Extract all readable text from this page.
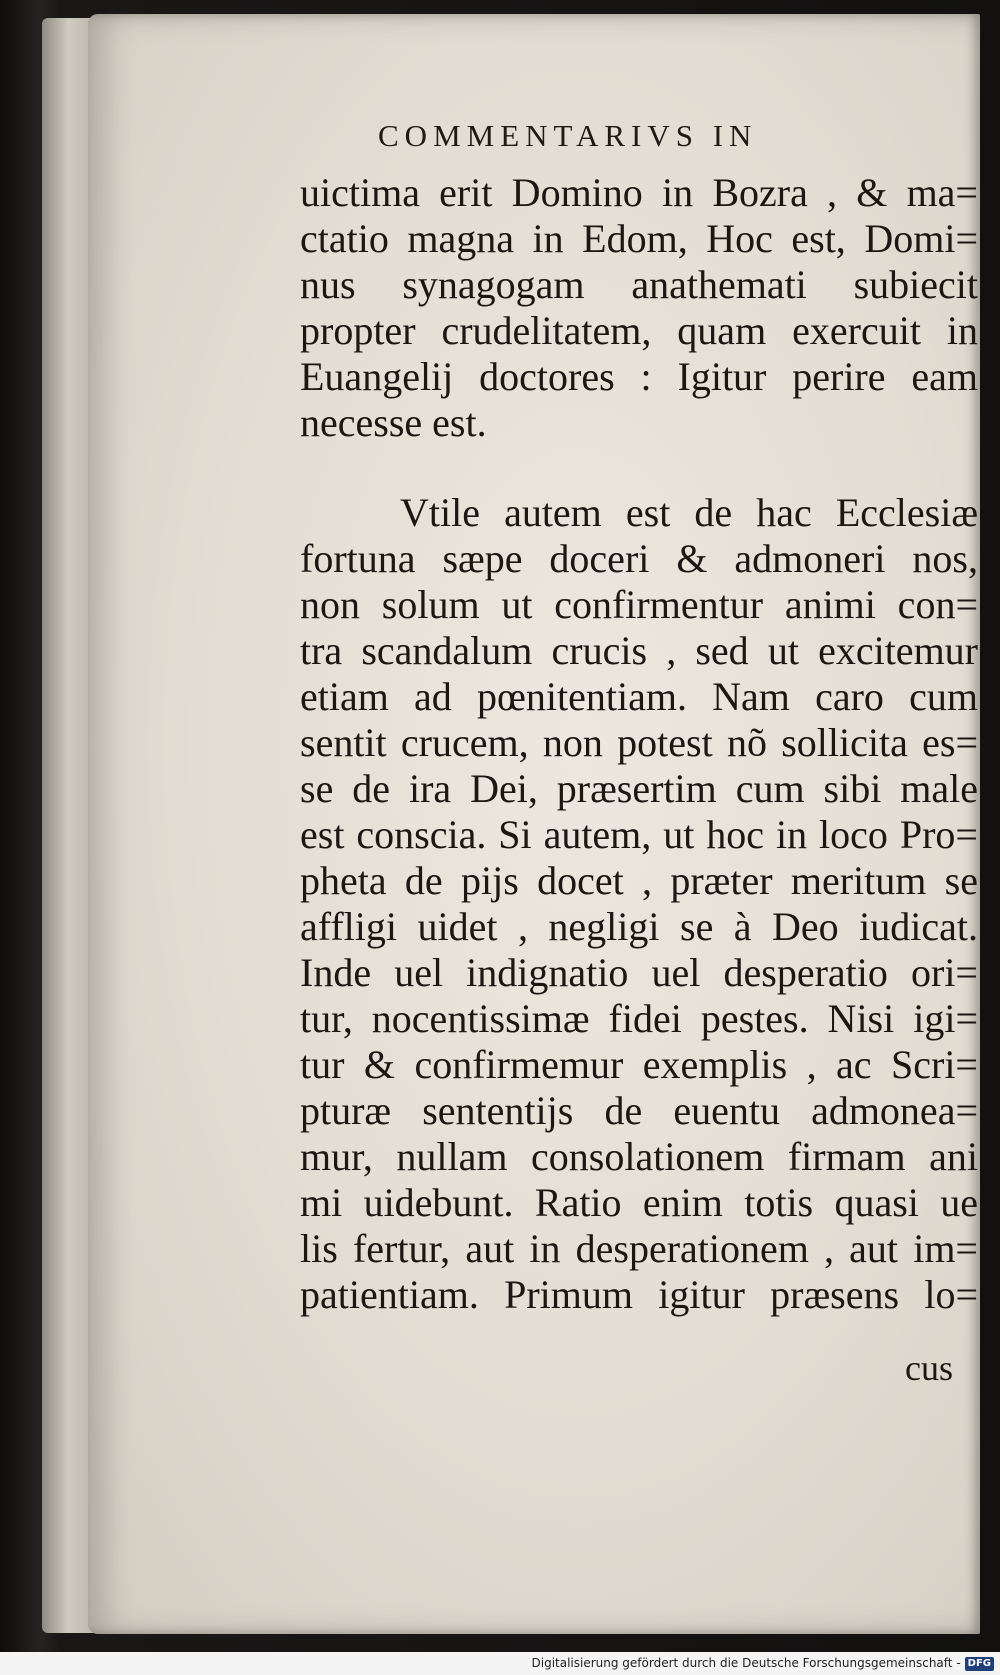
COMMENTARIVS IN
uictima erit Domino in Bozra , & ma=
ctatio magna in Edom, Hoc est, Domi=
nus synagogam anathemati subiecit
propter crudelitatem, quam exercuit in
Euangelij doctores : Igitur perire eam
necesse est.
Vtile autem est de hac Ecclesiæ
fortuna sæpe doceri & admoneri nos,
non solum ut confirmentur animi con=
tra scandalum crucis , sed ut excitemur
etiam ad pœnitentiam. Nam caro cum
sentit crucem, non potest nõ sollicita es=
se de ira Dei, præsertim cum sibi male
est conscia. Si autem, ut hoc in loco Pro=
pheta de pijs docet , præter meritum se
affligi uidet , negligi se à Deo iudicat.
Inde uel indignatio uel desperatio ori=
tur, nocentissimæ fidei pestes. Nisi igi=
tur & confirmemur exemplis , ac Scri=
pturæ sententijs de euentu admonea=
mur, nullam consolationem firmam ani
mi uidebunt. Ratio enim totis quasi ue
lis fertur, aut in desperationem , aut im=
patientiam. Primum igitur præsens lo=
cus
Digitalisierung gefördert durch die Deutsche Forschungsgemeinschaft - DFG
